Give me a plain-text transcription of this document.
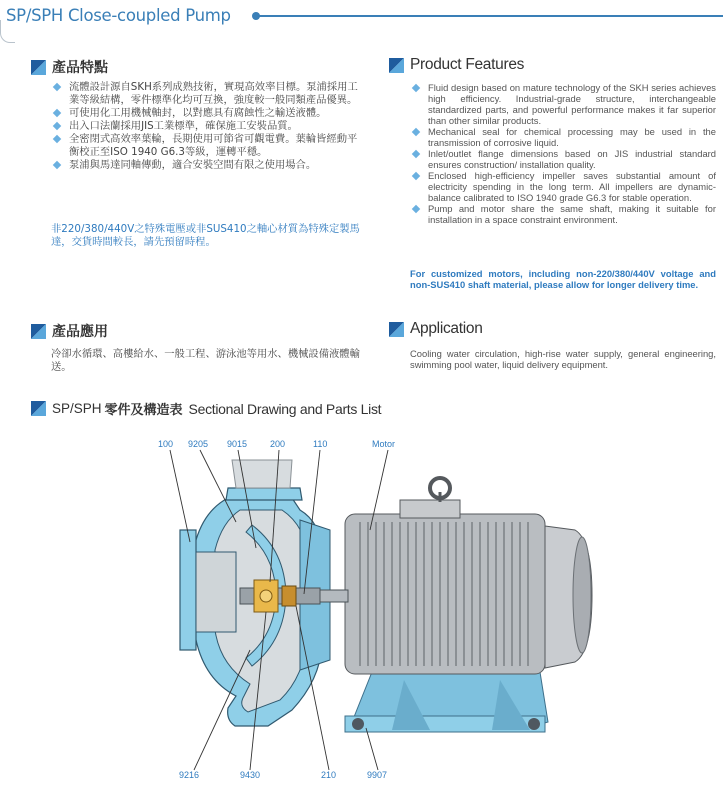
SP/SPH Close-coupled Pump
產品特點
流體設計源自SKH系列成熟技術，實現高效率目標。泵浦採用工業等級結構，零件標準化均可互換，強度較一般同類產品優異。
可使用化工用機械軸封，以對應具有腐蝕性之輸送液體。
出入口法蘭採用JIS工業標準，確保施工安裝品質。
全密閉式高效率葉輪，長期使用可節省可觀電費。葉輪皆經動平衡校正至ISO 1940 G6.3等級，運轉平穩。
泵浦與馬達同軸傳動，適合安裝空間有限之使用場合。
非220/380/440V之特殊電壓或非SUS410之軸心材質為特殊定製馬達，交貨時間較長，請先預留時程。
Product Features
Fluid design based on mature technology of the SKH series achieves high efficiency. Industrial-grade structure, interchangeable standardized parts, and powerful performance makes it far superior than other similar products.
Mechanical seal for chemical processing may be used in the transmission of corrosive liquid.
Inlet/outlet flange dimensions based on JIS industrial standard ensures construction/ installation quality.
Enclosed high-efficiency impeller saves substantial amount of electricity spending in the long term. All impellers are dynamic-balance calibrated to ISO 1940 grade G6.3 for stable operation.
Pump and motor share the same shaft, making it suitable for installation in a space constraint environment.
For customized motors, including non-220/380/440V voltage and non-SUS410 shaft material, please allow for longer delivery time.
產品應用
冷卻水循環、高樓給水、一般工程、游泳池等用水、機械設備液體輸送。
Application
Cooling water circulation, high-rise water supply, general engineering, swimming pool water, liquid delivery equipment.
SP/SPH 零件及構造表 Sectional Drawing and Parts List
100 9205 9015	200	110	Motor
9216	9430	210	9907
